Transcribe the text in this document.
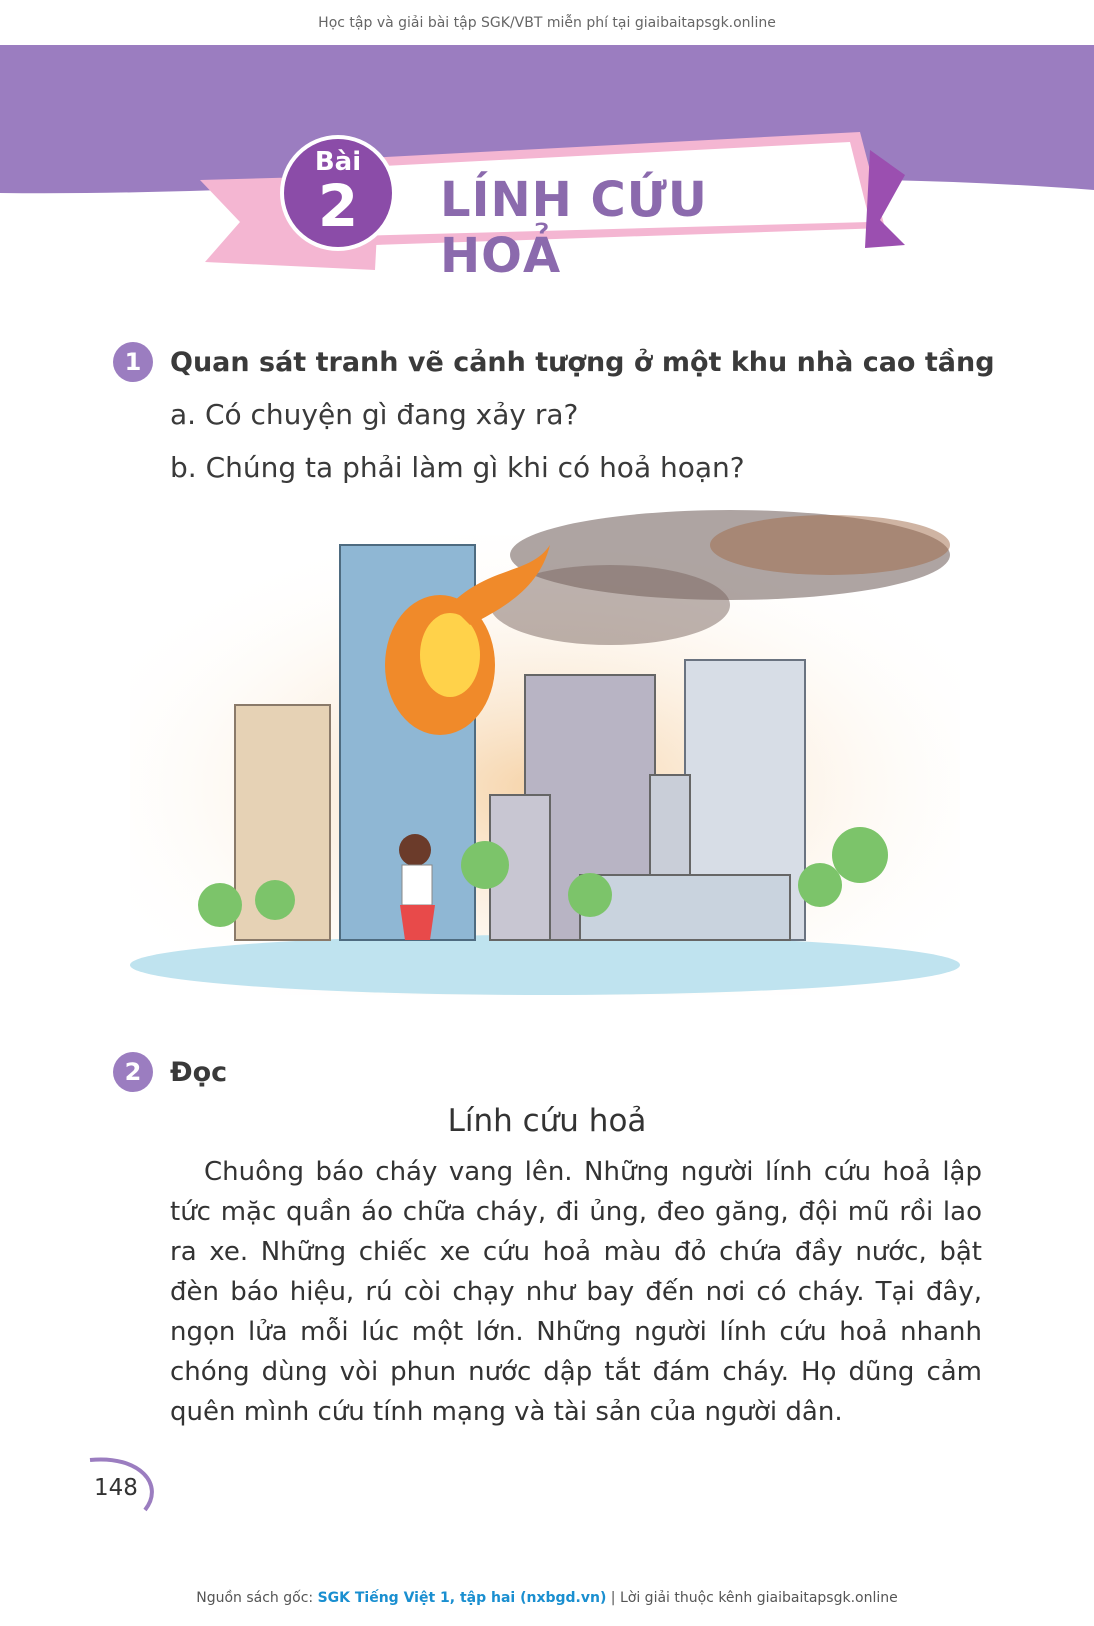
Học tập và giải bài tập SGK/VBT miễn phí tại giaibaitapsgk.online
Bài
2	LÍNH CỨU HOẢ
1	Quan sát tranh vẽ cảnh tượng ở một khu nhà cao tầng
a. Có chuyện gì đang xảy ra?
b. Chúng ta phải làm gì khi có hoả hoạn?
2	Đọc
Lính cứu hoả
Chuông báo cháy vang lên. Những người lính cứu hoả lập tức mặc quần áo chữa cháy, đi ủng, đeo găng, đội mũ rồi lao ra xe. Những chiếc xe cứu hoả màu đỏ chứa đầy nước, bật đèn báo hiệu, rú còi chạy như bay đến nơi có cháy. Tại đây, ngọn lửa mỗi lúc một lớn. Những người lính cứu hoả nhanh chóng dùng vòi phun nước dập tắt đám cháy. Họ dũng cảm quên mình cứu tính mạng và tài sản của người dân.
148
Nguồn sách gốc: SGK Tiếng Việt 1, tập hai (nxbgd.vn) | Lời giải thuộc kênh giaibaitapsgk.online
